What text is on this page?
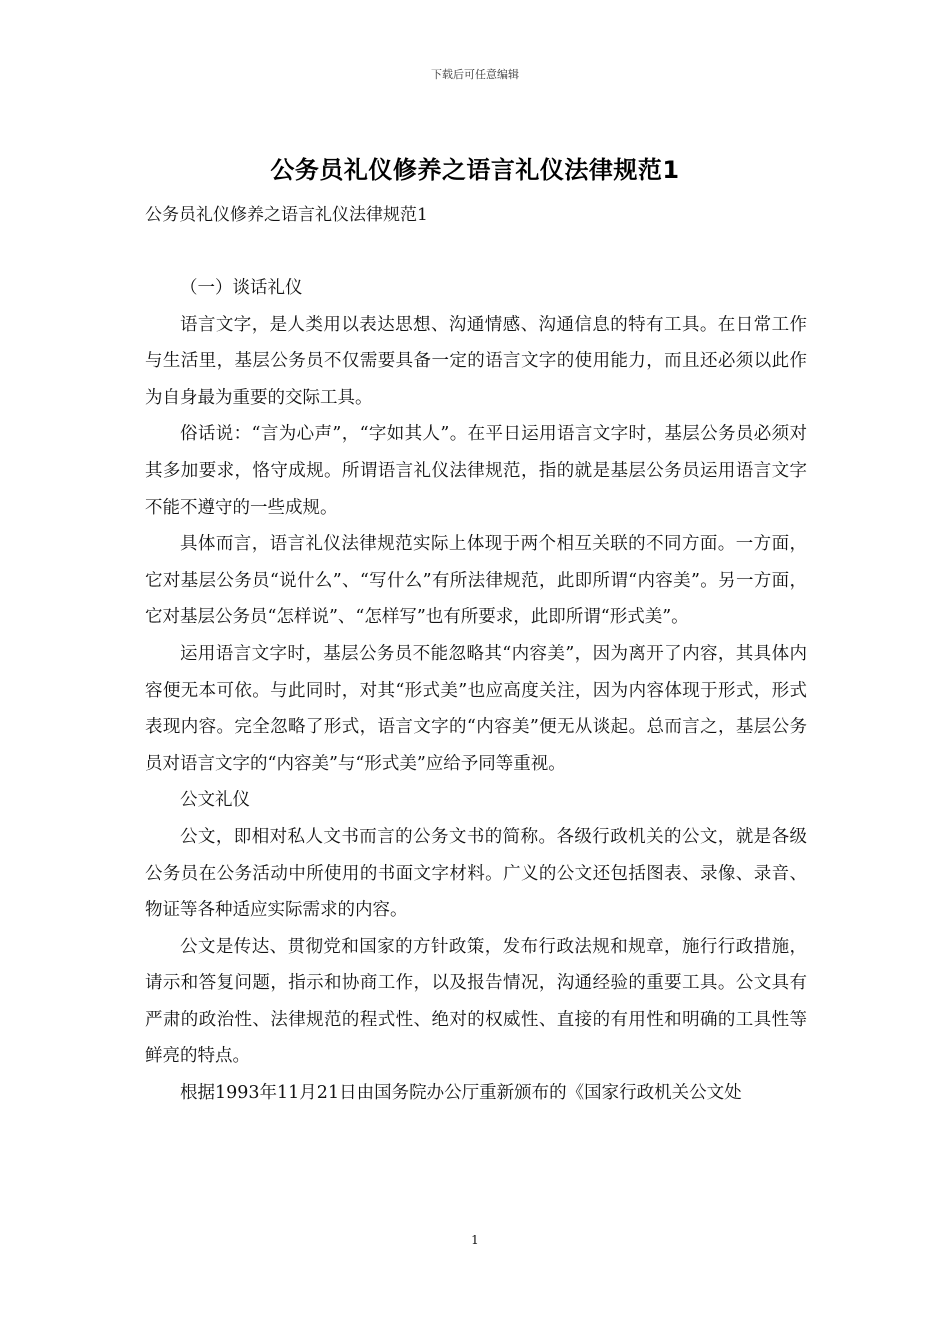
下载后可任意编辑
公务员礼仪修养之语言礼仪法律规范1
公务员礼仪修养之语言礼仪法律规范1

（一）谈话礼仪

语言文字，是人类用以表达思想、沟通情感、沟通信息的特有工具。在日常工作与生活里，基层公务员不仅需要具备一定的语言文字的使用能力，而且还必须以此作为自身最为重要的交际工具。

俗话说：“言为心声”，“字如其人”。在平日运用语言文字时，基层公务员必须对其多加要求，恪守成规。所谓语言礼仪法律规范，指的就是基层公务员运用语言文字不能不遵守的一些成规。

具体而言，语言礼仪法律规范实际上体现于两个相互关联的不同方面。一方面，它对基层公务员“说什么”、“写什么”有所法律规范，此即所谓“内容美”。另一方面，它对基层公务员“怎样说”、“怎样写”也有所要求，此即所谓“形式美”。

运用语言文字时，基层公务员不能忽略其“内容美”，因为离开了内容，其具体内容便无本可依。与此同时，对其“形式美”也应高度关注，因为内容体现于形式，形式表现内容。完全忽略了形式，语言文字的“内容美”便无从谈起。总而言之，基层公务员对语言文字的“内容美”与“形式美”应给予同等重视。

公文礼仪

公文，即相对私人文书而言的公务文书的简称。各级行政机关的公文，就是各级公务员在公务活动中所使用的书面文字材料。广义的公文还包括图表、录像、录音、物证等各种适应实际需求的内容。

公文是传达、贯彻党和国家的方针政策，发布行政法规和规章，施行行政措施，请示和答复问题，指示和协商工作，以及报告情况，沟通经验的重要工具。公文具有严肃的政治性、法律规范的程式性、绝对的权威性、直接的有用性和明确的工具性等鲜亮的特点。

根据1993年11月21日由国务院办公厅重新颁布的《国家行政机关公文处

1
